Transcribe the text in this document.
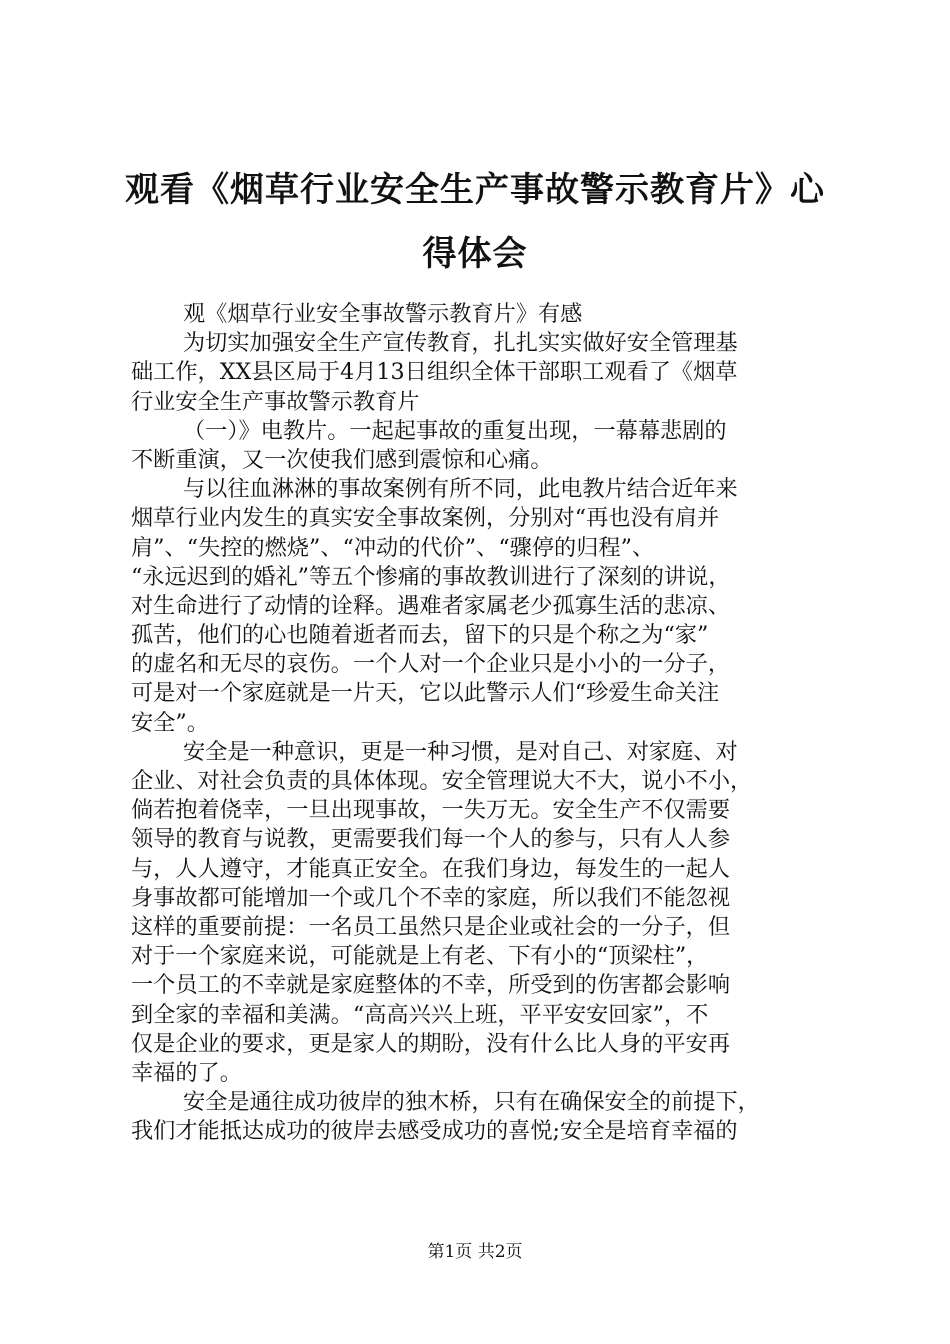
观看《烟草行业安全生产事故警示教育片》心
得体会
观《烟草行业安全事故警示教育片》有感
为切实加强安全生产宣传教育，扎扎实实做好安全管理基
础工作，XX县区局于4月13日组织全体干部职工观看了《烟草
行业安全生产事故警示教育片
（一）》电教片。一起起事故的重复出现，一幕幕悲剧的
不断重演，又一次使我们感到震惊和心痛。
与以往血淋淋的事故案例有所不同，此电教片结合近年来
烟草行业内发生的真实安全事故案例，分别对“再也没有肩并
肩”、“失控的燃烧”、“冲动的代价”、“骤停的归程”、
“永远迟到的婚礼”等五个惨痛的事故教训进行了深刻的讲说，
对生命进行了动情的诠释。遇难者家属老少孤寡生活的悲凉、
孤苦，他们的心也随着逝者而去，留下的只是个称之为“家”
的虚名和无尽的哀伤。一个人对一个企业只是小小的一分子，
可是对一个家庭就是一片天，它以此警示人们“珍爱生命关注
安全”。
安全是一种意识，更是一种习惯，是对自己、对家庭、对
企业、对社会负责的具体体现。安全管理说大不大，说小不小，
倘若抱着侥幸，一旦出现事故，一失万无。安全生产不仅需要
领导的教育与说教，更需要我们每一个人的参与，只有人人参
与，人人遵守，才能真正安全。在我们身边，每发生的一起人
身事故都可能增加一个或几个不幸的家庭，所以我们不能忽视
这样的重要前提：一名员工虽然只是企业或社会的一分子，但
对于一个家庭来说，可能就是上有老、下有小的“顶梁柱”，
一个员工的不幸就是家庭整体的不幸，所受到的伤害都会影响
到全家的幸福和美满。“高高兴兴上班，平平安安回家”，不
仅是企业的要求，更是家人的期盼，没有什么比人身的平安再
幸福的了。
安全是通往成功彼岸的独木桥，只有在确保安全的前提下，
我们才能抵达成功的彼岸去感受成功的喜悦;安全是培育幸福的
第1页 共2页
